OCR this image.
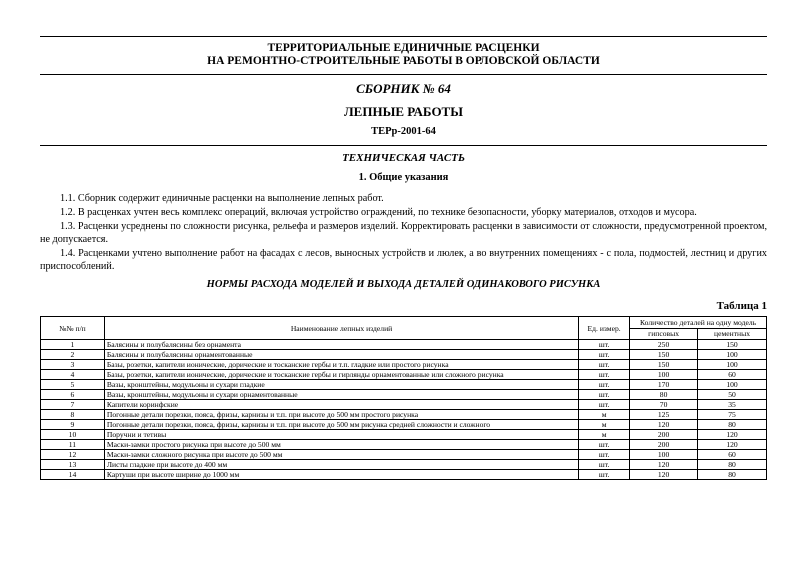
ТЕРРИТОРИАЛЬНЫЕ ЕДИНИЧНЫЕ РАСЦЕНКИ
НА РЕМОНТНО-СТРОИТЕЛЬНЫЕ РАБОТЫ В ОРЛОВСКОЙ ОБЛАСТИ
СБОРНИК № 64
ЛЕПНЫЕ РАБОТЫ
ТЕРр-2001-64
ТЕХНИЧЕСКАЯ ЧАСТЬ
1. Общие указания
1.1. Сборник содержит единичные расценки на выполнение лепных работ.
1.2. В расценках учтен весь комплекс операций, включая устройство ограждений, по технике безопасности, уборку материалов, отходов и мусора.
1.3. Расценки усреднены по сложности рисунка, рельефа и размеров изделий. Корректировать расценки в зависимости от сложности, предусмотренной проектом, не допускается.
1.4. Расценками учтено выполнение работ на фасадах с лесов, выносных устройств и люлек, а во внутренних помещениях - с пола, подмостей, лестниц и других приспособлений.
НОРМЫ РАСХОДА МОДЕЛЕЙ И ВЫХОДА ДЕТАЛЕЙ ОДИНАКОВОГО РИСУНКА
Таблица 1
№№ п/п	Наименование лепных изделий	Ед. измер.	Количество деталей на одну модель	
			гипсовых	цементных
1	Балясины и полубалясины без орнамента	шт.	250	150
2	Балясины и полубалясины орнаментованные	шт.	150	100
3	Базы, розетки, капители ионические, дорические и тосканские гербы и т.п. гладкие или простого рисунка	шт.	150	100
4	Базы, розетки, капители ионические, дорические и тосканские гербы и гирлянды орнаментованные или сложного рисунка	шт.	100	60
5	Вазы, кронштейны, модульоны и сухари гладкие	шт.	170	100
6	Вазы, кронштейны, модульоны и сухари орнаментованные	шт.	80	50
7	Капители коринфские	шт.	70	35
8	Погонные детали порезки, пояса, фризы, карнизы и т.п. при высоте до 500 мм простого рисунка	м	125	75
9	Погонные детали порезки, пояса, фризы, карнизы и т.п. при высоте до 500 мм рисунка средней сложности и сложного	м	120	80
10	Поручни и тетивы	м	200	120
11	Маски-замки простого рисунка при высоте до 500 мм	шт.	200	120
12	Маски-замки сложного рисунка при высоте до 500 мм	шт.	100	60
13	Листы гладкие при высоте до 400 мм	шт.	120	80
14	Картуши при высоте ширине до 1000 мм	шт.	120	80
